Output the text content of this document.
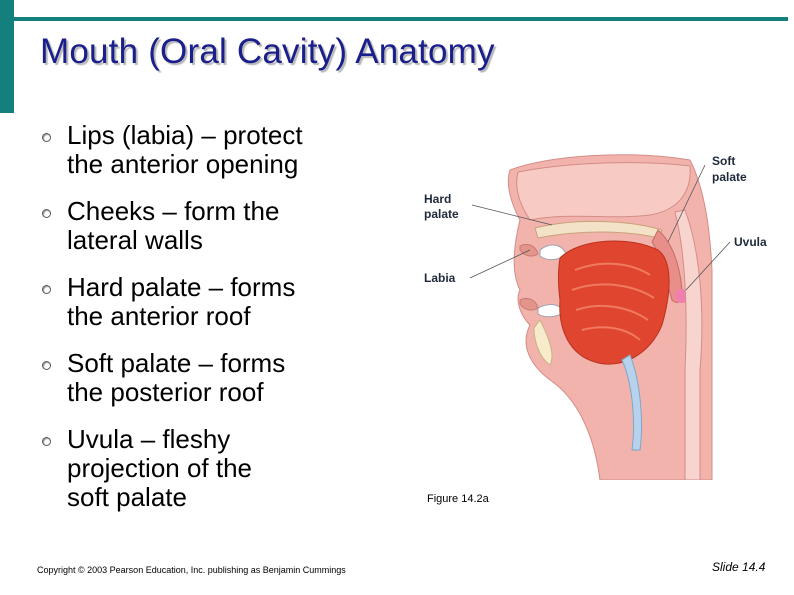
Mouth (Oral Cavity) Anatomy
Lips (labia) – protect
the anterior opening
Cheeks – form the
lateral walls
Hard palate – forms
the anterior roof
Soft palate – forms
the posterior roof
Uvula – fleshy
projection of the
soft palate
Hard
palate
Labia
Soft
palate
Uvula
Figure 14.2a
Copyright © 2003 Pearson Education, Inc. publishing as Benjamin Cummings	Slide 14.4
